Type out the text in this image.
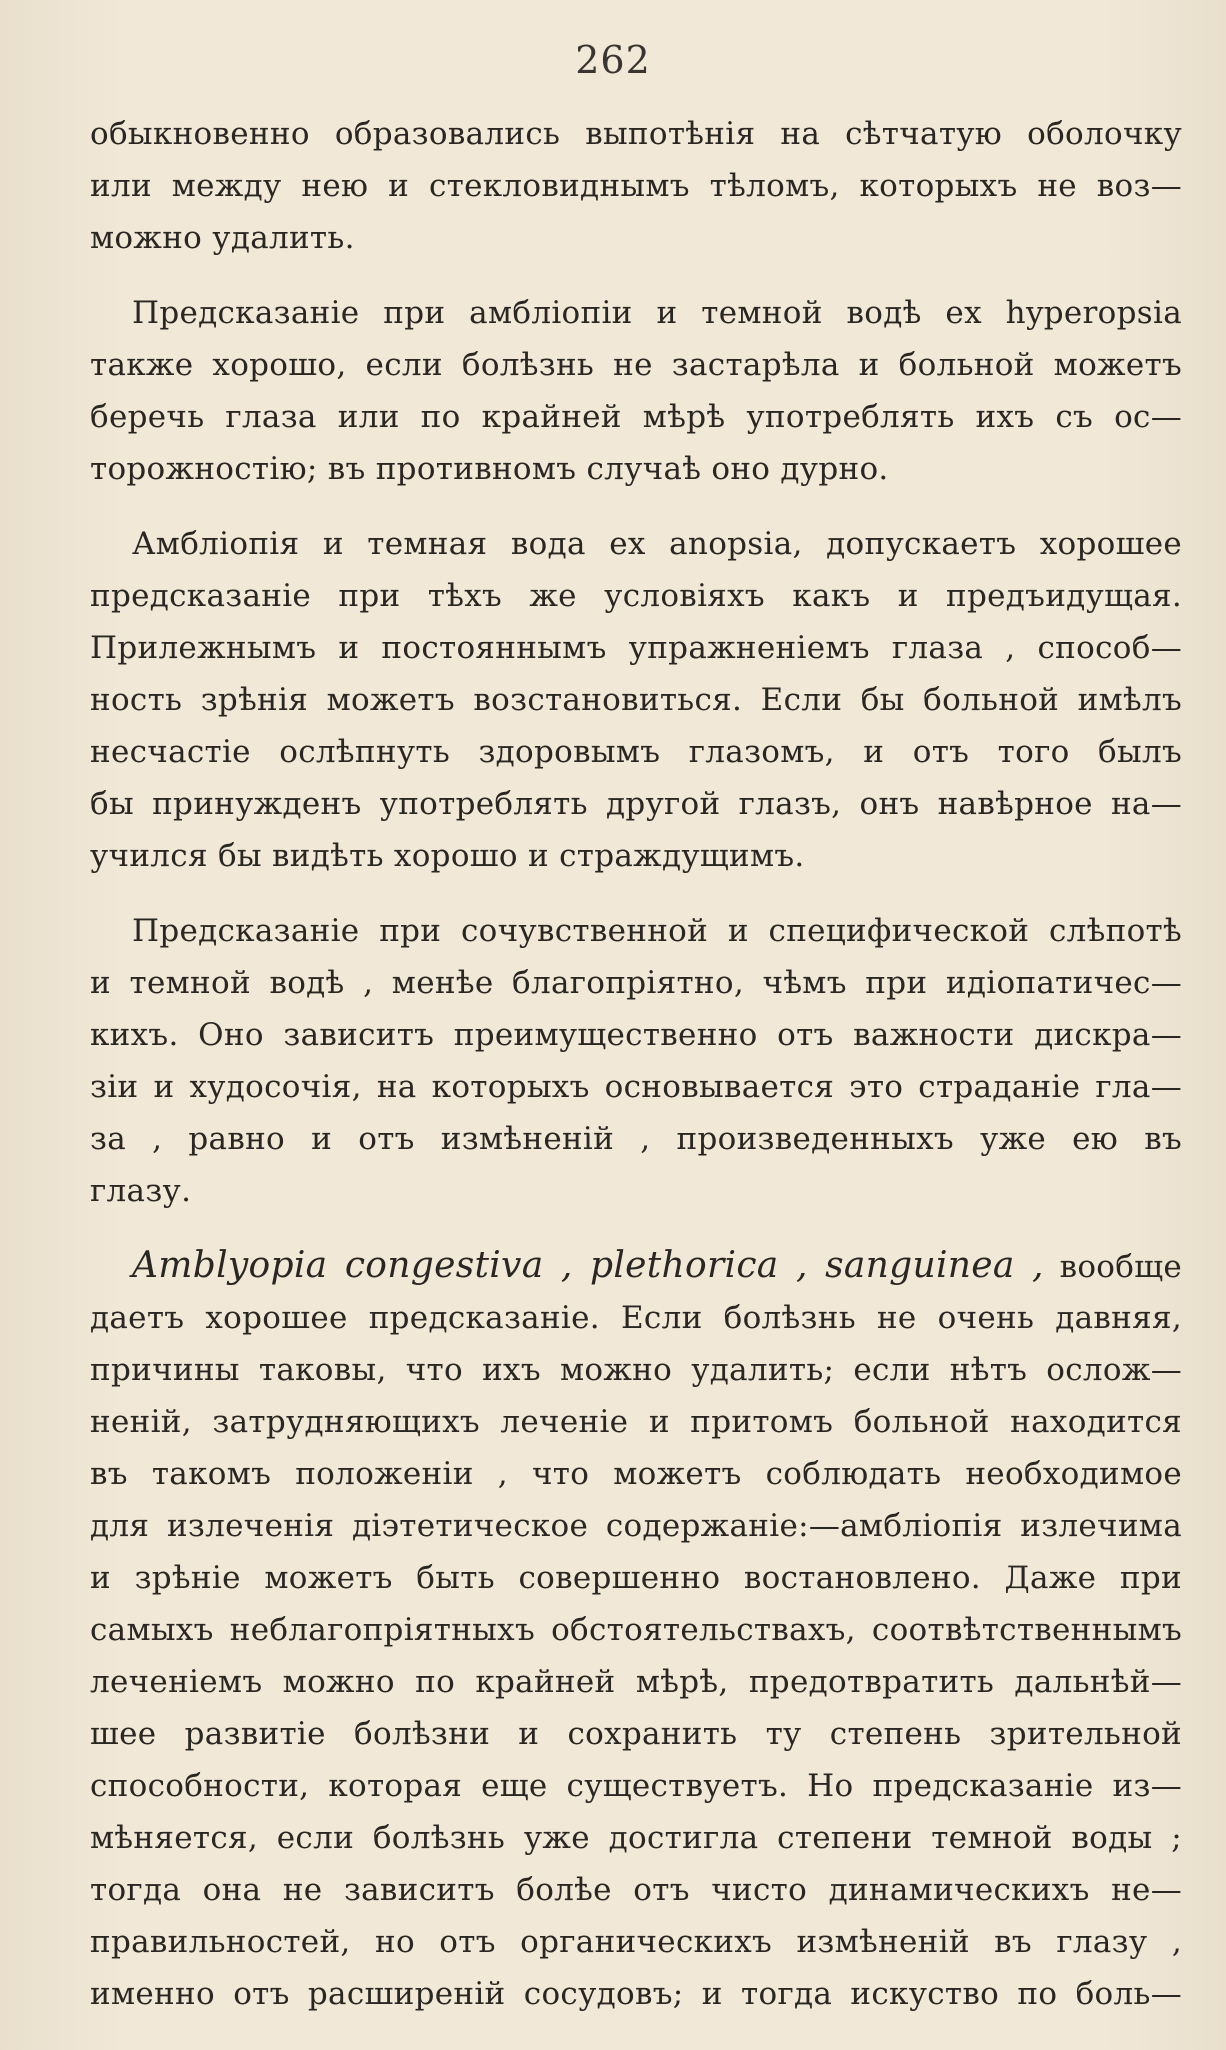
262
обыкновенно образовались выпотѣнія на сѣтчатую оболочку
или между нею и стекловиднымъ тѣломъ, которыхъ не воз—
можно удалить.
Предсказаніе при амбліопіи и темной водѣ ex hyperopsia
также хорошо, если болѣзнь не застарѣла и больной можетъ
беречь глаза или по крайней мѣрѣ употреблять ихъ съ ос—
торожностію; въ противномъ случаѣ оно дурно.
Амбліопія и темная вода ex anopsia, допускаетъ хорошее
предсказаніе при тѣхъ же условіяхъ какъ и предъидущая.
Прилежнымъ и постояннымъ упражненіемъ глаза , способ—
ность зрѣнія можетъ возстановиться. Если бы больной имѣлъ
несчастіе ослѣпнуть здоровымъ глазомъ, и отъ того былъ
бы принужденъ употреблять другой глазъ, онъ навѣрное на—
учился бы видѣть хорошо и страждущимъ.
Предсказаніе при сочувственной и специфической слѣпотѣ
и темной водѣ , менѣе благопріятно, чѣмъ при идіопатичес—
кихъ. Оно зависитъ преимущественно отъ важности дискра—
зіи и худосочія, на которыхъ основывается это страданіе гла—
за , равно и отъ измѣненій , произведенныхъ уже ею въ
глазу.
Amblyopia congestiva , plethorica , sanguinea , вообще
даетъ хорошее предсказаніе. Если болѣзнь не очень давняя,
причины таковы, что ихъ можно удалить; если нѣтъ ослож—
неній, затрудняющихъ леченіе и притомъ больной находится
въ такомъ положеніи , что можетъ соблюдать необходимое
для излеченія діэтетическое содержаніе:—амбліопія излечима
и зрѣніе можетъ быть совершенно востановлено. Даже при
самыхъ неблагопріятныхъ обстоятельствахъ, соотвѣтственнымъ
леченіемъ можно по крайней мѣрѣ, предотвратить дальнѣй—
шее развитіе болѣзни и сохранить ту степень зрительной
способности, которая еще существуетъ. Но предсказаніе из—
мѣняется, если болѣзнь уже достигла степени темной воды ;
тогда она не зависитъ болѣе отъ чисто динамическихъ не—
правильностей, но отъ органическихъ измѣненій въ глазу ,
именно отъ расширеній сосудовъ; и тогда искуство по боль—
